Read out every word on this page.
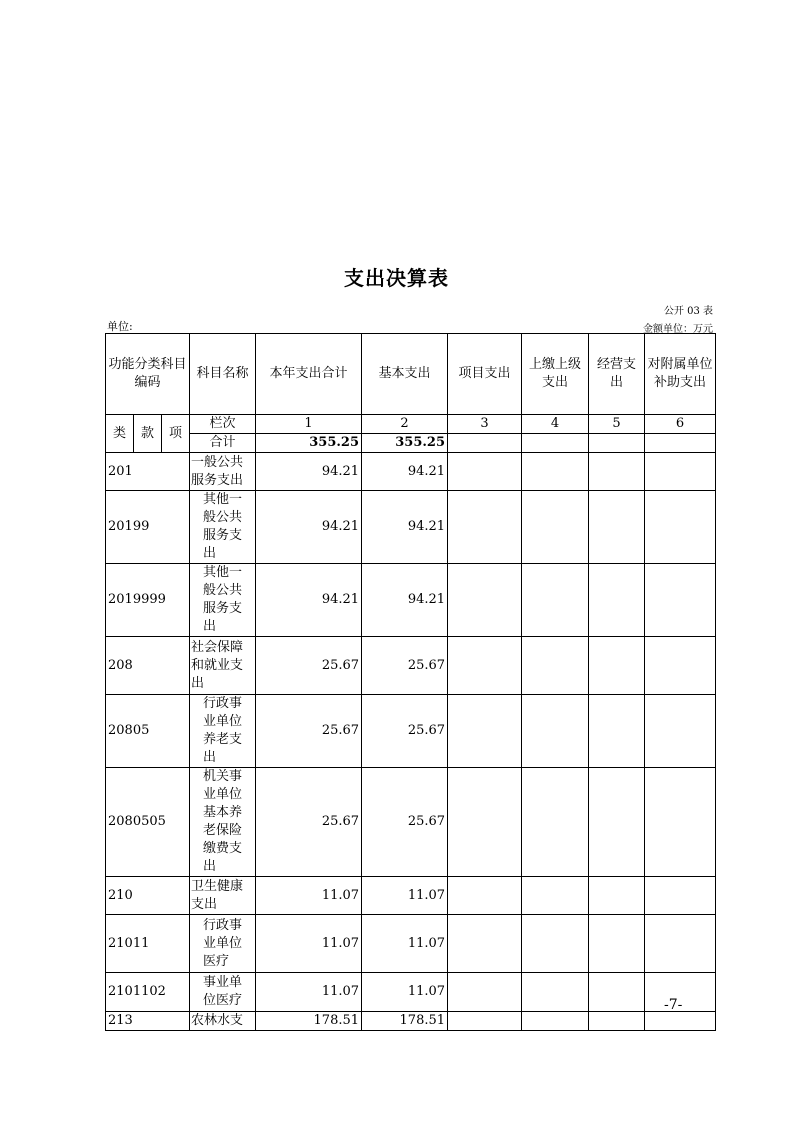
支出决算表
公开 03 表
单位:	金额单位：万元
功能分类科目编码			科目名称	本年支出合计	基本支出	项目支出	上缴上级支出	经营支出	对附属单位补助支出
类	款	项	栏次	1	2	3	4	5	6
			合计	355.25	355.25				
201			一般公共服务支出	94.21	94.21				
20199			其他一般公共服务支出	94.21	94.21				
2019999			其他一般公共服务支出	94.21	94.21				
208			社会保障和就业支出	25.67	25.67				
20805			行政事业单位养老支出	25.67	25.67				
2080505			机关事业单位基本养老保险缴费支出	25.67	25.67				
210			卫生健康支出	11.07	11.07				
21011			行政事业单位医疗	11.07	11.07				
2101102			事业单位医疗	11.07	11.07				
213			农林水支	178.51	178.51				
-7-
